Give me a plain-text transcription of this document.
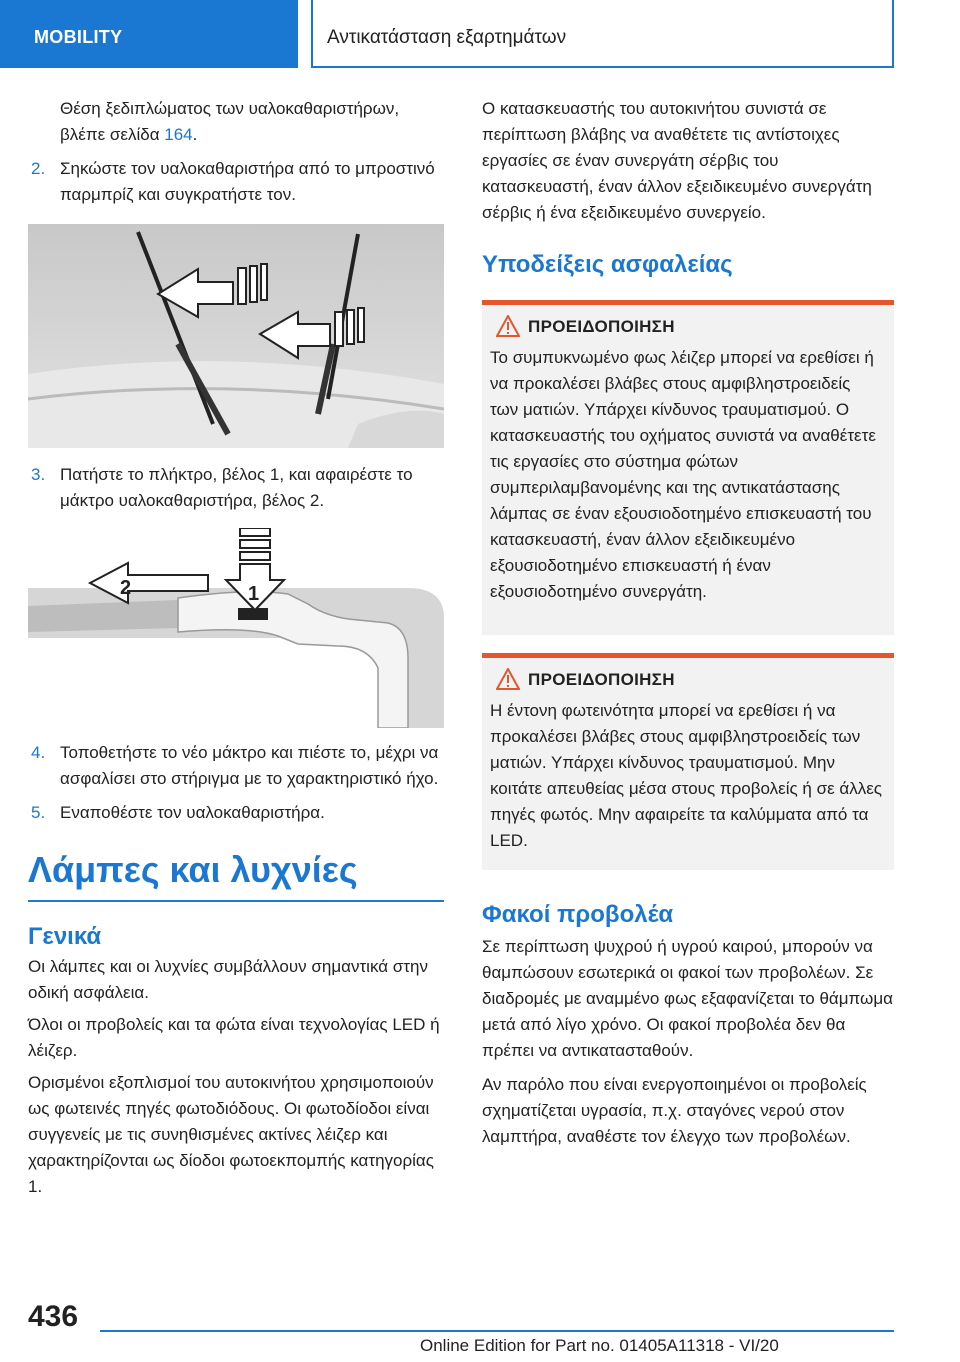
MOBILITY	Αντικατάσταση εξαρτημάτων

Θέση ξεδιπλώματος των υαλοκαθαριστήρων, βλέπε σελίδα 164.

2. Σηκώστε τον υαλοκαθαριστήρα από το μπροστινό παρμπρίζ και συγκρατήστε τον.
3. Πατήστε το πλήκτρο, βέλος 1, και αφαιρέστε το μάκτρο υαλοκαθαριστήρα, βέλος 2.
2	1
4. Τοποθετήστε το νέο μάκτρο και πιέστε το, μέχρι να ασφαλίσει στο στήριγμα με το χαρακτηριστικό ήχο.
5. Εναποθέστε τον υαλοκαθαριστήρα.
Λάμπες και λυχνίες
Γενικά

Οι λάμπες και οι λυχνίες συμβάλλουν σημαντικά στην οδική ασφάλεια.

Όλοι οι προβολείς και τα φώτα είναι τεχνολογίας LED ή λέιζερ.

Ορισμένοι εξοπλισμοί του αυτοκινήτου χρησιμοποιούν ως φωτεινές πηγές φωτοδιόδους. Οι φωτοδίοδοι είναι συγγενείς με τις συνηθισμένες ακτίνες λέιζερ και χαρακτηρίζονται ως δίοδοι φωτοεκπομπής κατηγορίας 1.

Ο κατασκευαστής του αυτοκινήτου συνιστά σε περίπτωση βλάβης να αναθέτετε τις αντίστοιχες εργασίες σε έναν συνεργάτη σέρβις του κατασκευαστή, έναν άλλον εξειδικευμένο συνεργάτη σέρβις ή ένα εξειδικευμένο συνεργείο.

Υποδείξεις ασφαλείας
ΠΡΟΕΙΔΟΠΟΙΗΣΗ

Το συμπυκνωμένο φως λέιζερ μπορεί να ερεθίσει ή να προκαλέσει βλάβες στους αμφιβληστροειδείς των ματιών. Υπάρχει κίνδυνος τραυματισμού. Ο κατασκευαστής του οχήματος συνιστά να αναθέτετε τις εργασίες στο σύστημα φώτων συμπεριλαμβανομένης και της αντικατάστασης λάμπας σε έναν εξουσιοδοτημένο επισκευαστή του κατασκευαστή, έναν άλλον εξειδικευμένο εξουσιοδοτημένο επισκευαστή ή έναν εξουσιοδοτημένο συνεργάτη.

ΠΡΟΕΙΔΟΠΟΙΗΣΗ

Η έντονη φωτεινότητα μπορεί να ερεθίσει ή να προκαλέσει βλάβες στους αμφιβληστροειδείς των ματιών. Υπάρχει κίνδυνος τραυματισμού. Μην κοιτάτε απευθείας μέσα στους προβολείς ή σε άλλες πηγές φωτός. Μην αφαιρείτε τα καλύμματα από τα LED.

Φακοί προβολέα

Σε περίπτωση ψυχρού ή υγρού καιρού, μπορούν να θαμπώσουν εσωτερικά οι φακοί των προβολέων. Σε διαδρομές με αναμμένο φως εξαφανίζεται το θάμπωμα μετά από λίγο χρόνο. Οι φακοί προβολέα δεν θα πρέπει να αντικατασταθούν.

Αν παρόλο που είναι ενεργοποιημένοι οι προβολείς σχηματίζεται υγρασία, π.χ. σταγόνες νερού στον λαμπτήρα, αναθέστε τον έλεγχο των προβολέων.

436
Online Edition for Part no. 01405A11318 - VI/20
